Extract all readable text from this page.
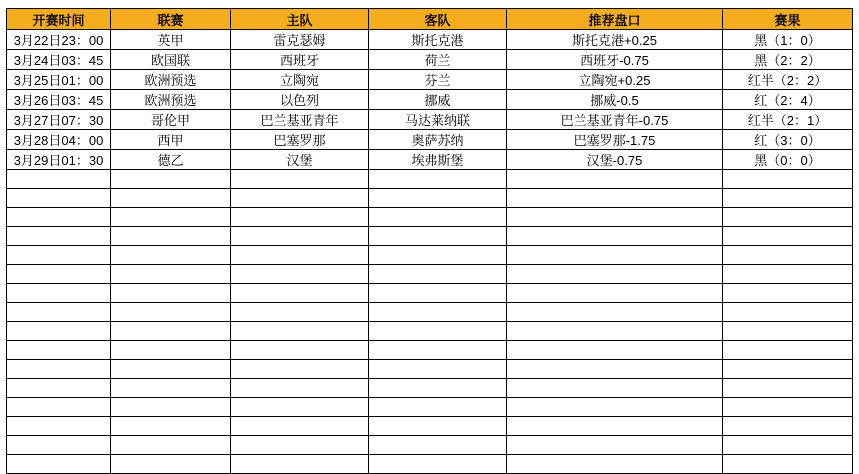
开赛时间	联赛	主队	客队	推荐盘口	赛果
3月22日23：00	英甲	雷克瑟姆	斯托克港	斯托克港+0.25	黑（1：0）
3月24日03：45	欧国联	西班牙	荷兰	西班牙-0.75	黑（2：2）
3月25日01：00	欧洲预选	立陶宛	芬兰	立陶宛+0.25	红半（2：2）
3月26日03：45	欧洲预选	以色列	挪威	挪威-0.5	红（2：4）
3月27日07：30	哥伦甲	巴兰基亚青年	马达莱纳联	巴兰基亚青年-0.75	红半（2：1）
3月28日04：00	西甲	巴塞罗那	奥萨苏纳	巴塞罗那-1.75	红（3：0）
3月29日01：30	德乙	汉堡	埃弗斯堡	汉堡-0.75	黑（0：0）
